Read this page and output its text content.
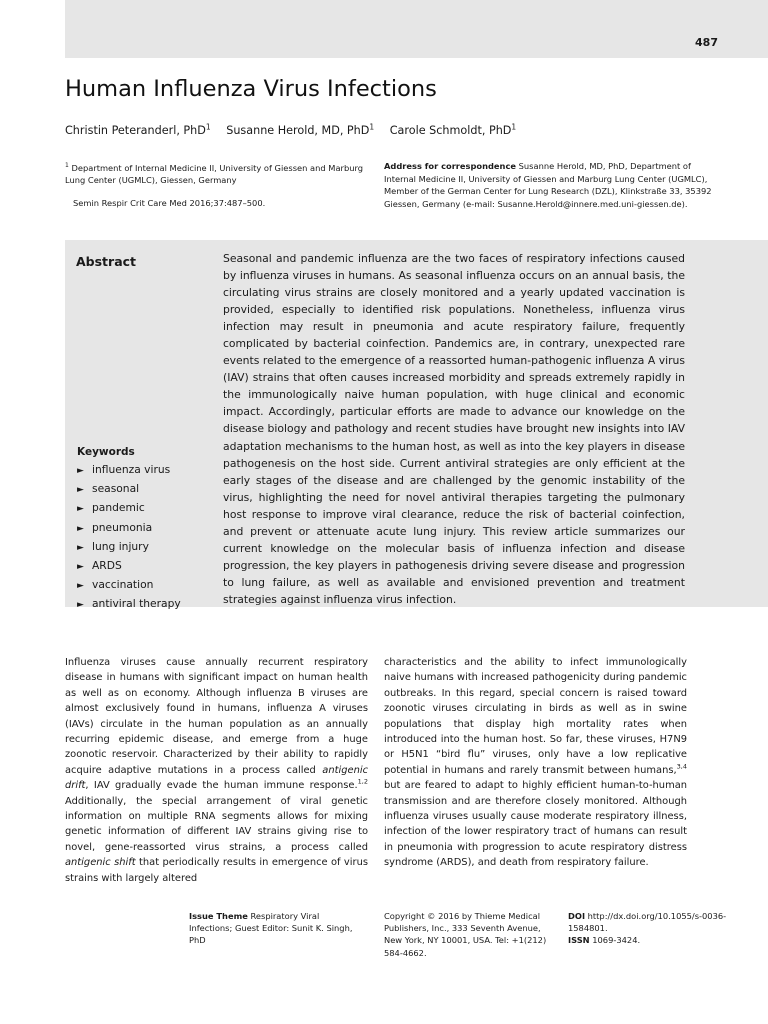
487
Human Influenza Virus Infections
Christin Peteranderl, PhD$^1$ Susanne Herold, MD, PhD$^1$ Carole Schmoldt, PhD$^1$
$^1$ Department of Internal Medicine II, University of Giessen and Marburg Lung Center (UGMLC), Giessen, Germany
Semin Respir Crit Care Med 2016;37:487–500.
Address for correspondence Susanne Herold, MD, PhD, Department of Internal Medicine II, University of Giessen and Marburg Lung Center (UGMLC), Member of the German Center for Lung Research (DZL), Klinkstraße 33, 35392 Giessen, Germany (e-mail: Susanne.Herold@innere.med.uni-giessen.de).
Abstract	Seasonal and pandemic influenza are the two faces of respiratory infections caused by influenza viruses in humans. As seasonal influenza occurs on an annual basis, the circulating virus strains are closely monitored and a yearly updated vaccination is provided, especially to identified risk populations. Nonetheless, influenza virus infection may result in pneumonia and acute respiratory failure, frequently complicated by bacterial coinfection. Pandemics are, in contrary, unexpected rare events related to the emergence of a reassorted human-pathogenic influenza A virus (IAV) strains that often causes increased morbidity and spreads extremely rapidly in the immunologically naive human population, with huge clinical and economic impact. Accordingly, particular efforts are made to advance our knowledge on the disease biology and pathology and recent studies have brought new insights into IAV adaptation mechanisms to the human host, as well as into the key players in disease pathogenesis on the host side. Current antiviral strategies are only efficient at the early stages of the disease and are challenged by the genomic instability of the virus, highlighting the need for novel antiviral therapies targeting the pulmonary host response to improve viral clearance, reduce the risk of bacterial coinfection, and prevent or attenuate acute lung injury. This review article summarizes our current knowledge on the molecular basis of influenza infection and disease progression, the key players in pathogenesis driving severe disease and progression to lung failure, as well as available and envisioned prevention and treatment strategies against influenza virus infection.

Keywords
► influenza virus
► seasonal
► pandemic
► pneumonia
► lung injury
► ARDS
► vaccination
► antiviral therapy

Influenza viruses cause annually recurrent respiratory disease in humans with significant impact on human health as well as on economy. Although influenza B viruses are almost exclusively found in humans, influenza A viruses (IAVs) circulate in the human population as an annually recurring epidemic disease, and emerge from a huge zoonotic reservoir. Characterized by their ability to rapidly acquire adaptive mutations in a process called antigenic drift, IAV gradually evade the human immune response.$^{1,2}$ Additionally, the special arrangement of viral genetic information on multiple RNA segments allows for mixing genetic information of different IAV strains giving rise to novel, gene-reassorted virus strains, a process called antigenic shift that periodically results in emergence of virus strains with largely altered

characteristics and the ability to infect immunologically naive humans with increased pathogenicity during pandemic outbreaks. In this regard, special concern is raised toward zoonotic viruses circulating in birds as well as in swine populations that display high mortality rates when introduced into the human host. So far, these viruses, H7N9 or H5N1 “bird flu” viruses, only have a low replicative potential in humans and rarely transmit between humans,$^{3,4}$ but are feared to adapt to highly efficient human-to-human transmission and are therefore closely monitored. Although influenza viruses usually cause moderate respiratory illness, infection of the lower respiratory tract of humans can result in pneumonia with progression to acute respiratory distress syndrome (ARDS), and death from respiratory failure.

Issue Theme Respiratory Viral Infections; Guest Editor: Sunit K. Singh, PhD
Copyright © 2016 by Thieme Medical Publishers, Inc., 333 Seventh Avenue, New York, NY 10001, USA. Tel: +1(212) 584-4662.
DOI http://dx.doi.org/10.1055/s-0036-1584801.
ISSN 1069-3424.
